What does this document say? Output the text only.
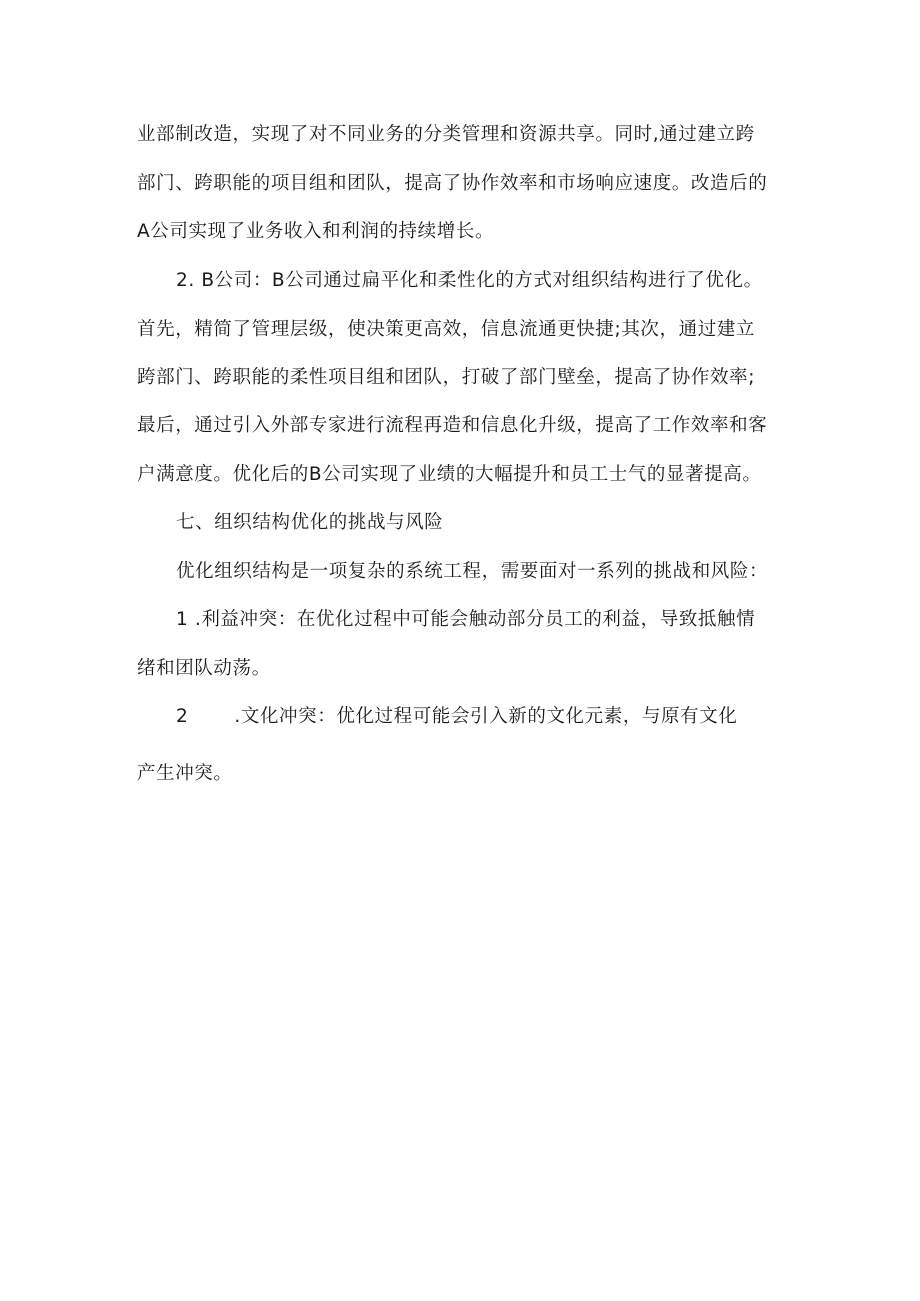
业部制改造，实现了对不同业务的分类管理和资源共享。同时,通过建立跨
部门、跨职能的项目组和团队，提高了协作效率和市场响应速度。改造后的
A公司实现了业务收入和利润的持续增长。
2. B公司：B公司通过扁平化和柔性化的方式对组织结构进行了优化。
首先，精简了管理层级，使决策更高效，信息流通更快捷;其次，通过建立
跨部门、跨职能的柔性项目组和团队，打破了部门壁垒，提高了协作效率;
最后，通过引入外部专家进行流程再造和信息化升级，提高了工作效率和客
户满意度。优化后的B公司实现了业绩的大幅提升和员工士气的显著提高。
七、组织结构优化的挑战与风险
优化组织结构是一项复杂的系统工程，需要面对一系列的挑战和风险：
1 .利益冲突：在优化过程中可能会触动部分员工的利益，导致抵触情
绪和团队动荡。
2 .文化冲突：优化过程可能会引入新的文化元素，与原有文化
产生冲突。
